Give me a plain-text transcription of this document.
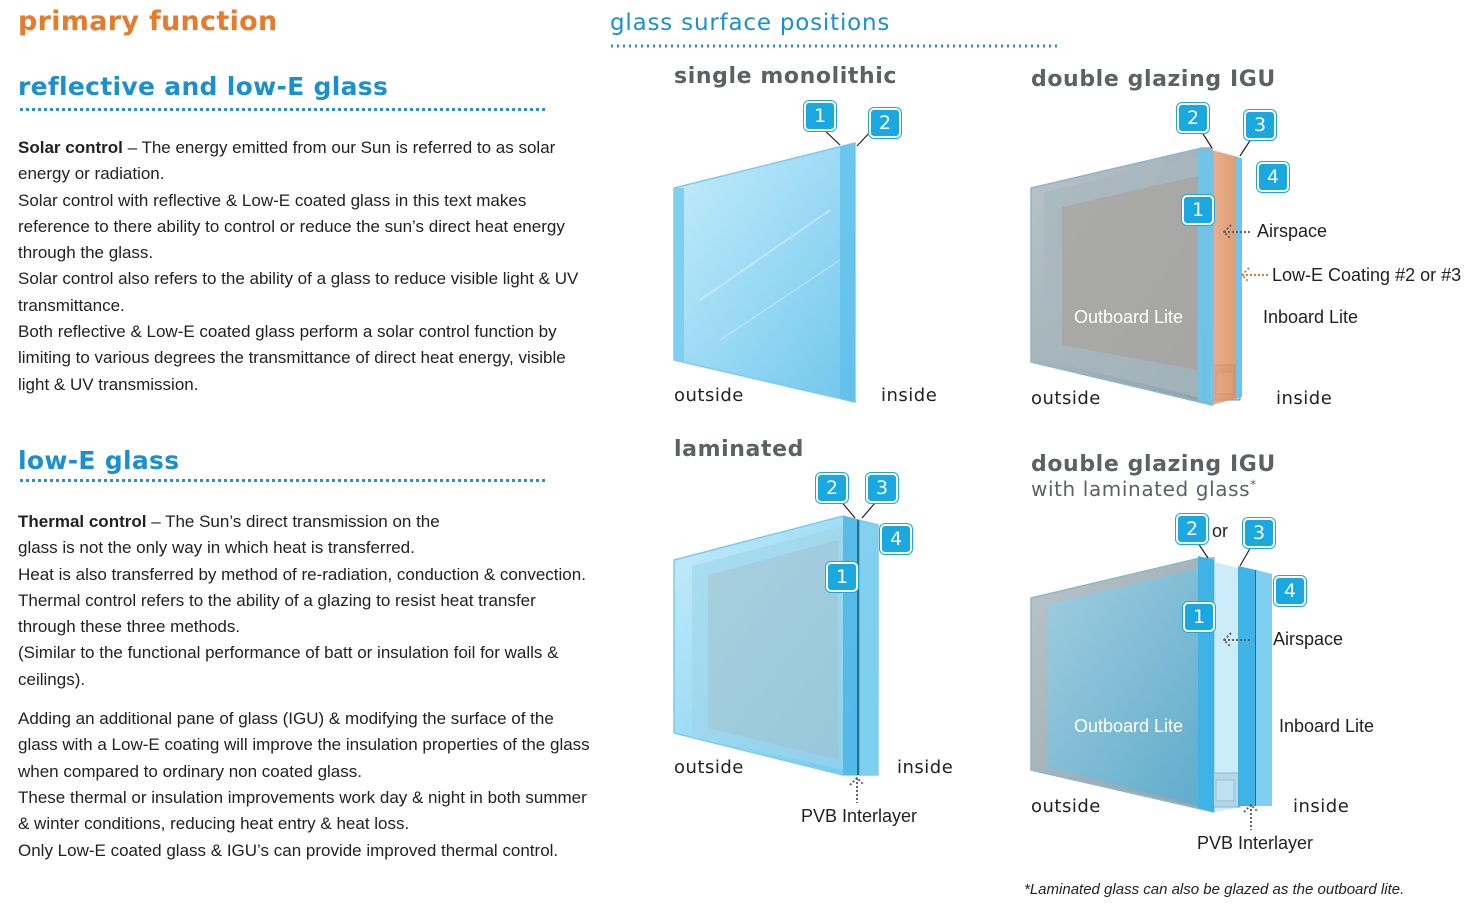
primary function
reflective and low-E glass

Solar control – The energy emitted from our Sun is referred to as solar energy or radiation.

Solar control with reflective & Low-E coated glass in this text makes reference to there ability to control or reduce the sun’s direct heat energy through the glass.

Solar control also refers to the ability of a glass to reduce visible light & UV transmittance.

Both reflective & Low-E coated glass perform a solar control function by limiting to various degrees the transmittance of direct heat energy, visible light & UV transmission.

low-E glass

Thermal control – The Sun’s direct transmission on the

glass is not the only way in which heat is transferred.

Heat is also transferred by method of re-radiation, conduction & convection.

Thermal control refers to the ability of a glazing to resist heat transfer through these three methods.

(Similar to the functional performance of batt or insulation foil for walls & ceilings).

Adding an additional pane of glass (IGU) & modifying the surface of the glass with a Low-E coating will improve the insulation properties of the glass when compared to ordinary non coated glass.

These thermal or insulation improvements work day & night in both summer & winter conditions, reducing heat entry & heat loss.

Only Low-E coated glass & IGU’s can provide improved thermal control.

glass surface positions
single monolithic
1	2
outside	inside
double glazing IGU
2	3
4
1
Airspace
Low-E Coating #2 or #3
Outboard Lite	Inboard Lite
outside	inside
laminated
2	3
4
1
outside	inside
PVB Interlayer
double glazing IGU
with laminated glass*
2 or	3
4
1
Airspace
Outboard Lite	Inboard Lite
outside	inside
PVB Interlayer
*Laminated glass can also be glazed as the outboard lite.
